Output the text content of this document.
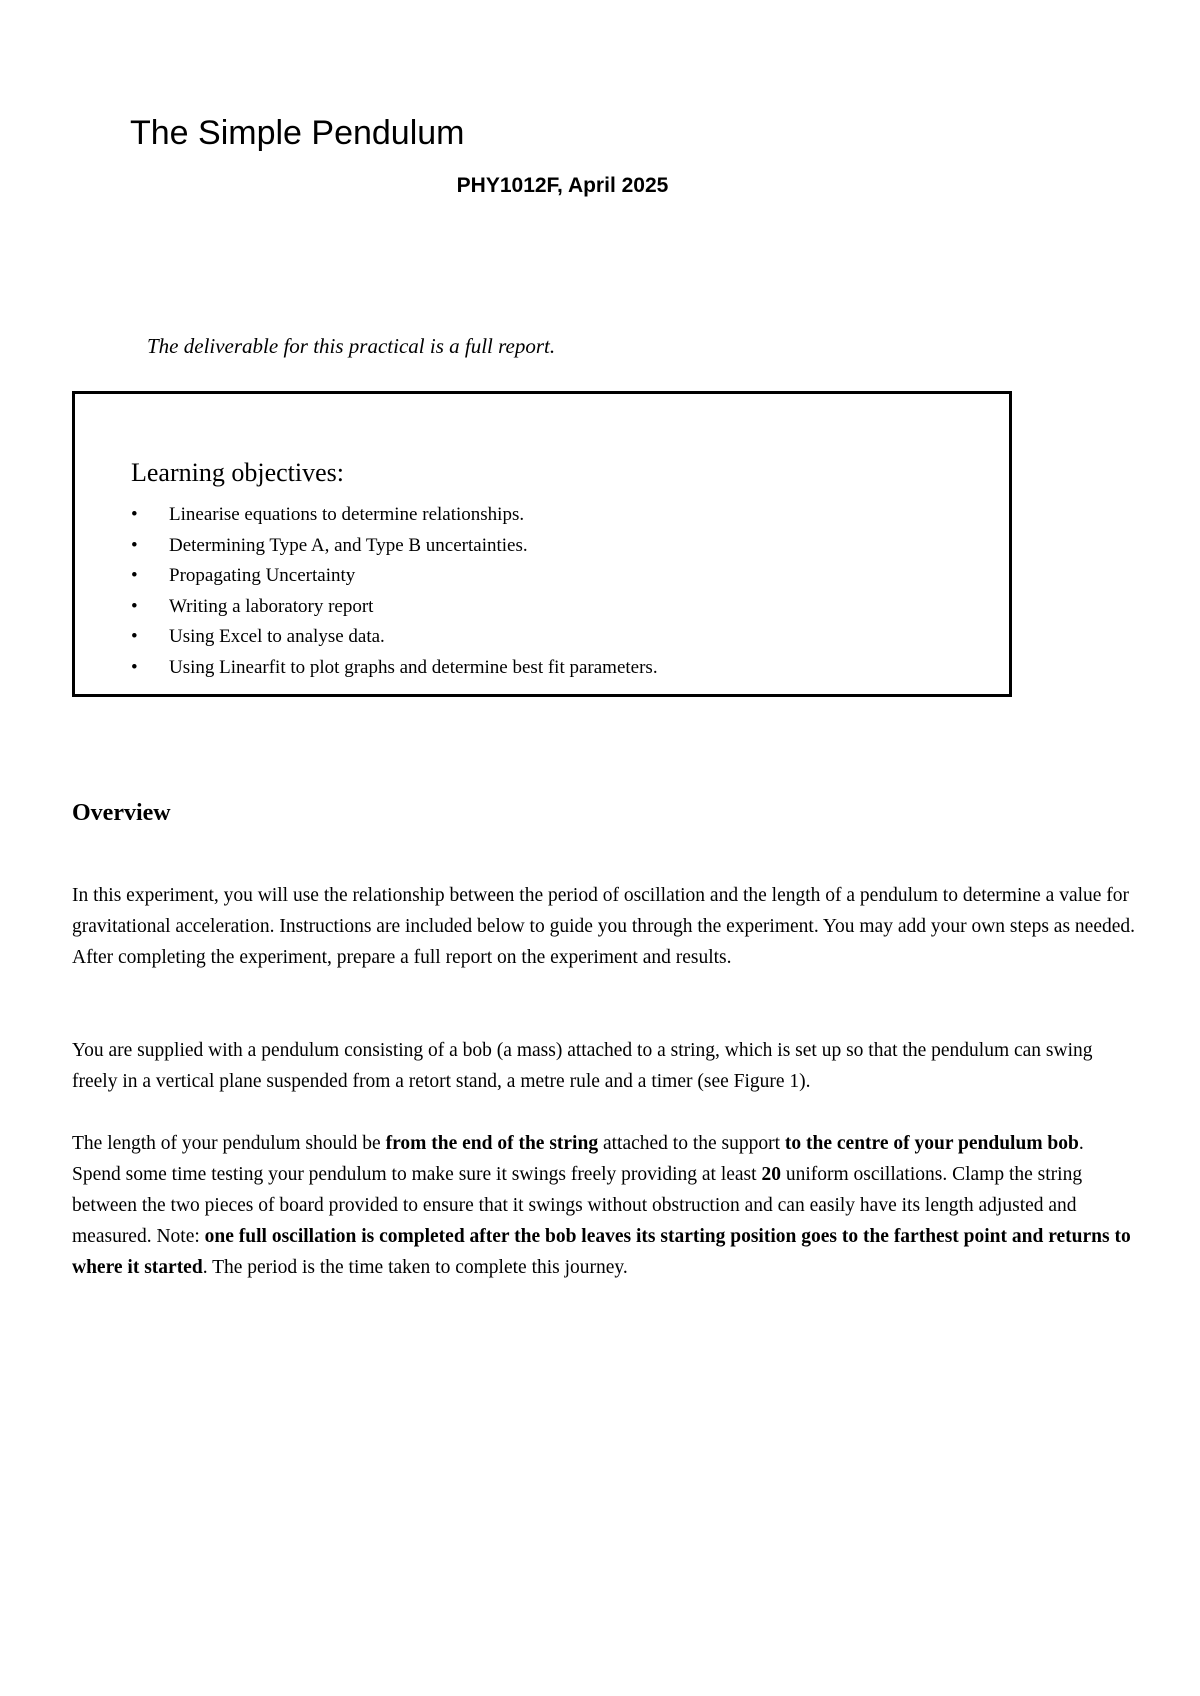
The Simple Pendulum

PHY1012F, April 2025

The deliverable for this practical is a full report.

Learning objectives:
• Linearise equations to determine relationships.
• Determining Type A, and Type B uncertainties.
• Propagating Uncertainty
• Writing a laboratory report
• Using Excel to analyse data.
• Using Linearfit to plot graphs and determine best fit parameters.
Overview

In this experiment, you will use the relationship between the period of oscillation and the length of a pendulum to determine a value for gravitational acceleration. Instructions are included below to guide you through the experiment. You may add your own steps as needed. After completing the experiment, prepare a full report on the experiment and results.

You are supplied with a pendulum consisting of a bob (a mass) attached to a string, which is set up so that the pendulum can swing freely in a vertical plane suspended from a retort stand, a metre rule and a timer (see Figure 1).

The length of your pendulum should be from the end of the string attached to the support to the centre of your pendulum bob. Spend some time testing your pendulum to make sure it swings freely providing at least 20 uniform oscillations. Clamp the string between the two pieces of board provided to ensure that it swings without obstruction and can easily have its length adjusted and measured. Note: one full oscillation is completed after the bob leaves its starting position goes to the farthest point and returns to where it started. The period is the time taken to complete this journey.
